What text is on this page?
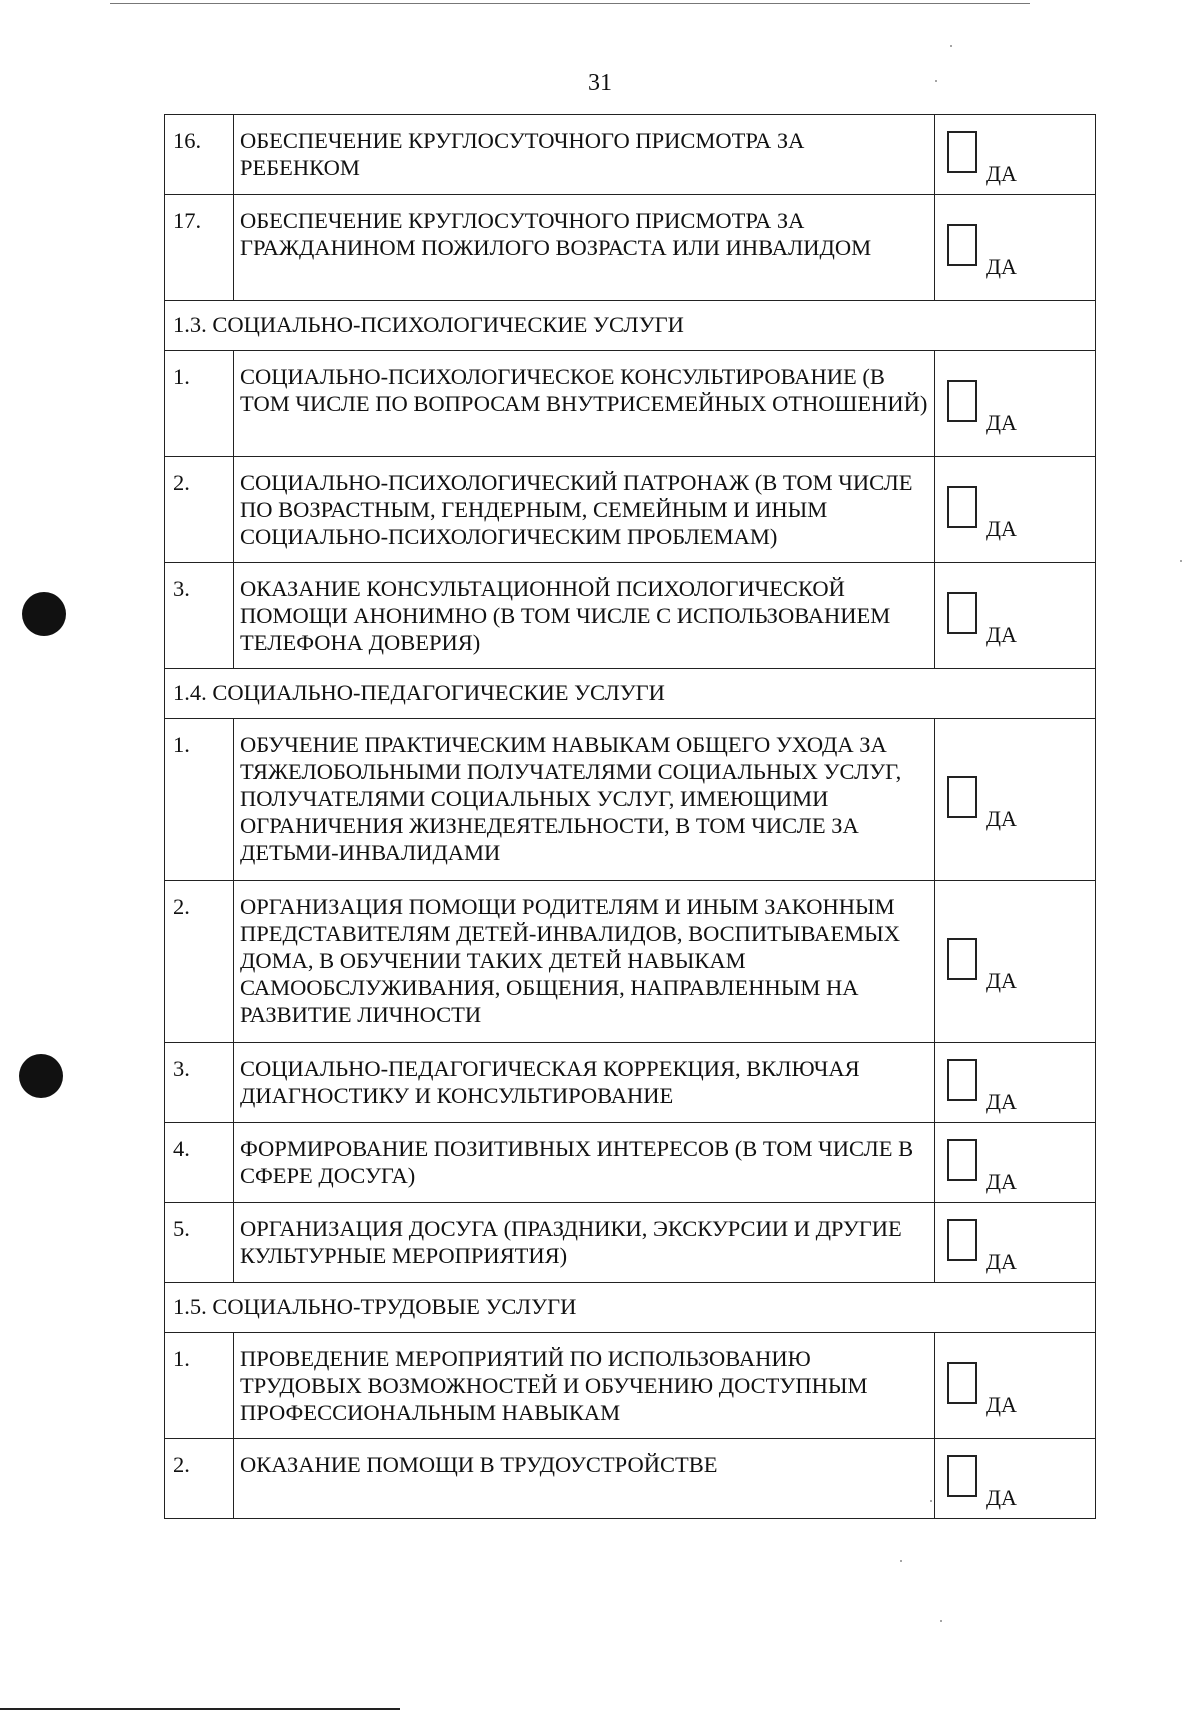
31
16.	ОБЕСПЕЧЕНИЕ КРУГЛОСУТОЧНОГО ПРИСМОТРА ЗА РЕБЕНКОМ	ДА

17.	ОБЕСПЕЧЕНИЕ КРУГЛОСУТОЧНОГО ПРИСМОТРА ЗА ГРАЖДАНИНОМ ПОЖИЛОГО ВОЗРАСТА ИЛИ ИНВАЛИДОМ	ДА

1.3. СОЦИАЛЬНО-ПСИХОЛОГИЧЕСКИЕ УСЛУГИ		
1.	СОЦИАЛЬНО-ПСИХОЛОГИЧЕСКОЕ КОНСУЛЬТИРОВАНИЕ (В ТОМ ЧИСЛЕ ПО ВОПРОСАМ ВНУТРИСЕМЕЙНЫХ ОТНОШЕНИЙ)	ДА

2.	СОЦИАЛЬНО-ПСИХОЛОГИЧЕСКИЙ ПАТРОНАЖ (В ТОМ ЧИСЛЕ ПО ВОЗРАСТНЫМ, ГЕНДЕРНЫМ, СЕМЕЙНЫМ И ИНЫМ СОЦИАЛЬНО-ПСИХОЛОГИЧЕСКИМ ПРОБЛЕМАМ)	ДА

3.	ОКАЗАНИЕ КОНСУЛЬТАЦИОННОЙ ПСИХОЛОГИЧЕСКОЙ ПОМОЩИ АНОНИМНО (В ТОМ ЧИСЛЕ С ИСПОЛЬЗОВАНИЕМ ТЕЛЕФОНА ДОВЕРИЯ)	ДА

1.4. СОЦИАЛЬНО-ПЕДАГОГИЧЕСКИЕ УСЛУГИ		
1.	ОБУЧЕНИЕ ПРАКТИЧЕСКИМ НАВЫКАМ ОБЩЕГО УХОДА ЗА ТЯЖЕЛОБОЛЬНЫМИ ПОЛУЧАТЕЛЯМИ СОЦИАЛЬНЫХ УСЛУГ, ПОЛУЧАТЕЛЯМИ СОЦИАЛЬНЫХ УСЛУГ, ИМЕЮЩИМИ ОГРАНИЧЕНИЯ ЖИЗНЕДЕЯТЕЛЬНОСТИ, В ТОМ ЧИСЛЕ ЗА ДЕТЬМИ-ИНВАЛИДАМИ	ДА

2.	ОРГАНИЗАЦИЯ ПОМОЩИ РОДИТЕЛЯМ И ИНЫМ ЗАКОННЫМ ПРЕДСТАВИТЕЛЯМ ДЕТЕЙ-ИНВАЛИДОВ, ВОСПИТЫВАЕМЫХ ДОМА, В ОБУЧЕНИИ ТАКИХ ДЕТЕЙ НАВЫКАМ САМООБСЛУЖИВАНИЯ, ОБЩЕНИЯ, НАПРАВЛЕННЫМ НА РАЗВИТИЕ ЛИЧНОСТИ	ДА

3.	СОЦИАЛЬНО-ПЕДАГОГИЧЕСКАЯ КОРРЕКЦИЯ, ВКЛЮЧАЯ ДИАГНОСТИКУ И КОНСУЛЬТИРОВАНИЕ	ДА

4.	ФОРМИРОВАНИЕ ПОЗИТИВНЫХ ИНТЕРЕСОВ (В ТОМ ЧИСЛЕ В СФЕРЕ ДОСУГА)	ДА

5.	ОРГАНИЗАЦИЯ ДОСУГА (ПРАЗДНИКИ, ЭКСКУРСИИ И ДРУГИЕ КУЛЬТУРНЫЕ МЕРОПРИЯТИЯ)	ДА

1.5. СОЦИАЛЬНО-ТРУДОВЫЕ УСЛУГИ		
1.	ПРОВЕДЕНИЕ МЕРОПРИЯТИЙ ПО ИСПОЛЬЗОВАНИЮ ТРУДОВЫХ ВОЗМОЖНОСТЕЙ И ОБУЧЕНИЮ ДОСТУПНЫМ ПРОФЕССИОНАЛЬНЫМ НАВЫКАМ	ДА

2.	ОКАЗАНИЕ ПОМОЩИ В ТРУДОУСТРОЙСТВЕ	ДА
